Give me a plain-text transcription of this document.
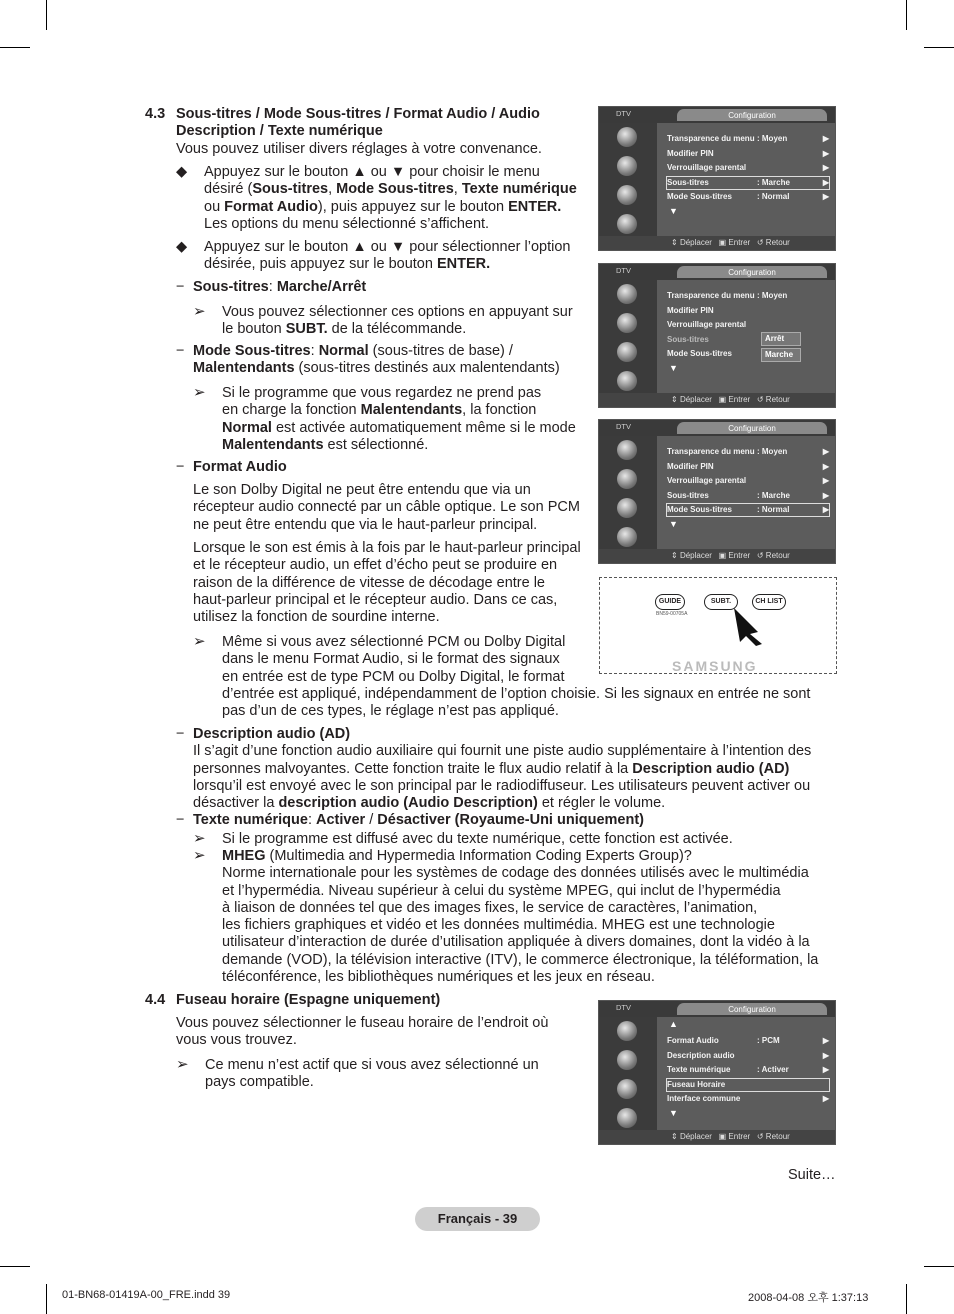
4.3 Sous-titres / Mode Sous-titres / Format Audio / Audio
Description / Texte numérique
Vous pouvez utiliser divers réglages à votre convenance.
◆ Appuyez sur le bouton ▲ ou ▼ pour choisir le menu
désiré (Sous-titres, Mode Sous-titres, Texte numérique
ou Format Audio), puis appuyez sur le bouton ENTER.
Les options du menu sélectionné s’affichent.
◆ Appuyez sur le bouton ▲ ou ▼ pour sélectionner l’option
désirée, puis appuyez sur le bouton ENTER.
− Sous-titres: Marche/Arrêt
➢ Vous pouvez sélectionner ces options en appuyant sur
le bouton SUBT. de la télécommande.
− Mode Sous-titres: Normal (sous-titres de base) /
Malentendants (sous-titres destinés aux malentendants)
➢ Si le programme que vous regardez ne prend pas
en charge la fonction Malentendants, la fonction
Normal est activée automatiquement même si le mode
Malentendants est sélectionné.
− Format Audio
Le son Dolby Digital ne peut être entendu que via un
récepteur audio connecté par un câble optique. Le son PCM
ne peut être entendu que via le haut-parleur principal.
Lorsque le son est émis à la fois par le haut-parleur principal
et le récepteur audio, un effet d’écho peut se produire en
raison de la différence de vitesse de décodage entre le
haut-parleur principal et le récepteur audio. Dans ce cas,
utilisez la fonction de sourdine interne.
➢ Même si vous avez sélectionné PCM ou Dolby Digital
dans le menu Format Audio, si le format des signaux
en entrée est de type PCM ou Dolby Digital, le format
d’entrée est appliqué, indépendamment de l’option choisie. Si les signaux en entrée ne sont
pas d’un de ces types, le réglage n’est pas appliqué.
− Description audio (AD)
Il s’agit d’une fonction audio auxiliaire qui fournit une piste audio supplémentaire à l’intention des
personnes malvoyantes. Cette fonction traite le flux audio relatif à la Description audio (AD)
lorsqu’il est envoyé avec le son principal par le radiodiffuseur. Les utilisateurs peuvent activer ou
désactiver la description audio (Audio Description) et régler le volume.
− Texte numérique: Activer / Désactiver (Royaume-Uni uniquement)
➢ Si le programme est diffusé avec du texte numérique, cette fonction est activée.
➢ MHEG (Multimedia and Hypermedia Information Coding Experts Group)?
Norme internationale pour les systèmes de codage des données utilisés avec le multimédia
et l’hypermédia. Niveau supérieur à celui du système MPEG, qui inclut de l’hypermédia
à liaison de données tel que des images fixes, le service de caractères, l’animation,
les fichiers graphiques et vidéo et les données multimédia. MHEG est une technologie
utilisateur d’interaction de durée d’utilisation appliquée à divers domaines, dont la vidéo à la
demande (VOD), la télévision interactive (ITV), le commerce électronique, la téléformation, la
téléconférence, les bibliothèques numériques et les jeux en réseau.
4.4 Fuseau horaire (Espagne uniquement)
Vous pouvez sélectionner le fuseau horaire de l’endroit où
vous vous trouvez.
➢ Ce menu n’est actif que si vous avez sélectionné un
pays compatible.
DTV	Configuration
⇕ Déplacer   ▣ Entrer   ↺ Retour
Transparence du menu : Moyen	▶
Modifier PIN	▶
Verrouillage parental	▶
Sous-titres	: Marche	▶
Mode Sous-titres	: Normal	▶
▼
DTV	Configuration
⇕ Déplacer   ▣ Entrer   ↺ Retour
Transparence du menu : Moyen
Modifier PIN
Verrouillage parental
Sous-titres
Mode Sous-titres
▼
Arrêt
Marche
DTV	Configuration
⇕ Déplacer   ▣ Entrer   ↺ Retour
Transparence du menu : Moyen	▶
Modifier PIN	▶
Verrouillage parental	▶
Sous-titres	: Marche	▶
Mode Sous-titres	: Normal	▶
▼
DTV	Configuration
⇕ Déplacer   ▣ Entrer   ↺ Retour
▲
Format Audio	: PCM	▶
Description audio	▶
Texte numérique	: Activer	▶
Fuseau Horaire
Interface commune	▶
▼
GUIDE	SUBT.	CH LIST
BN59-00705A
SAMSUNG
Suite…
Français - 39
01-BN68-01419A-00_FRE.indd 39	2008-04-08 오후 1:37:13
